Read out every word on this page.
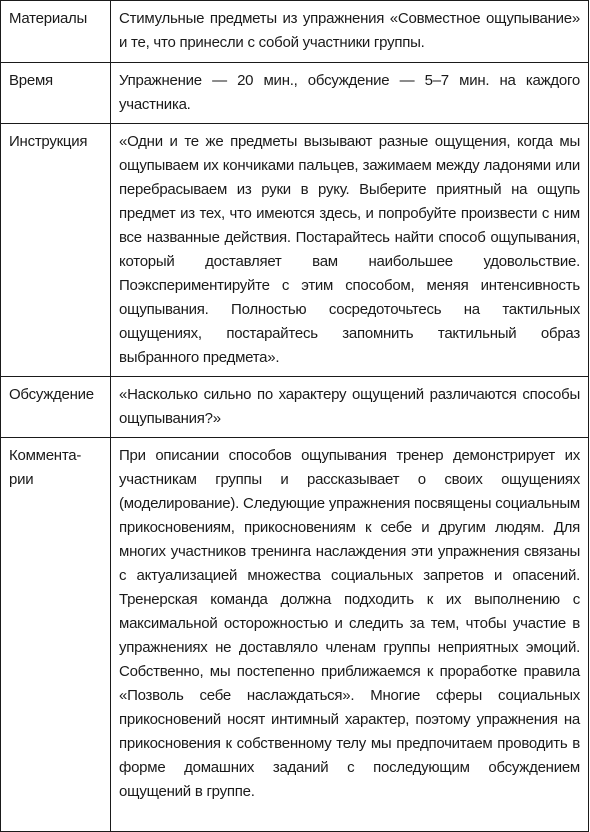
Материалы	Стимульные предметы из упражнения «Совместное ощупывание» и те, что принесли с собой участники группы.
Время	Упражнение — 20 мин., обсуждение — 5–7 мин. на каждого участника.
Инструкция	«Одни и те же предметы вызывают разные ощущения, когда мы ощупываем их кончиками пальцев, зажимаем между ладонями или перебрасываем из руки в руку. Выберите приятный на ощупь предмет из тех, что имеются здесь, и попробуйте произвести с ним все названные действия. Постарайтесь найти способ ощупывания, который доставляет вам наибольшее удовольствие. Поэкспериментируйте с этим способом, меняя интенсивность ощупывания. Полностью сосредоточьтесь на тактильных ощущениях, постарайтесь запомнить тактильный образ выбранного предмета».
Обсуждение	«Насколько сильно по характеру ощущений различаются способы ощупывания?»
Коммента-
рии	При описании способов ощупывания тренер демонстрирует их участникам группы и рассказывает о своих ощущениях (моделирование). Следующие упражнения посвящены социальным прикосновениям, прикосновениям к себе и другим людям. Для многих участников тренинга наслаждения эти упражнения связаны с актуализацией множества социальных запретов и опасений. Тренерская команда должна подходить к их выполнению с максимальной осторожностью и следить за тем, чтобы участие в упражнениях не доставляло членам группы неприятных эмоций. Собственно, мы постепенно приближаемся к проработке правила «Позволь себе наслаждаться». Многие сферы социальных прикосновений носят интимный характер, поэтому упражнения на прикосновения к собственному телу мы предпочитаем проводить в форме домашних заданий с последующим обсуждением ощущений в группе.
